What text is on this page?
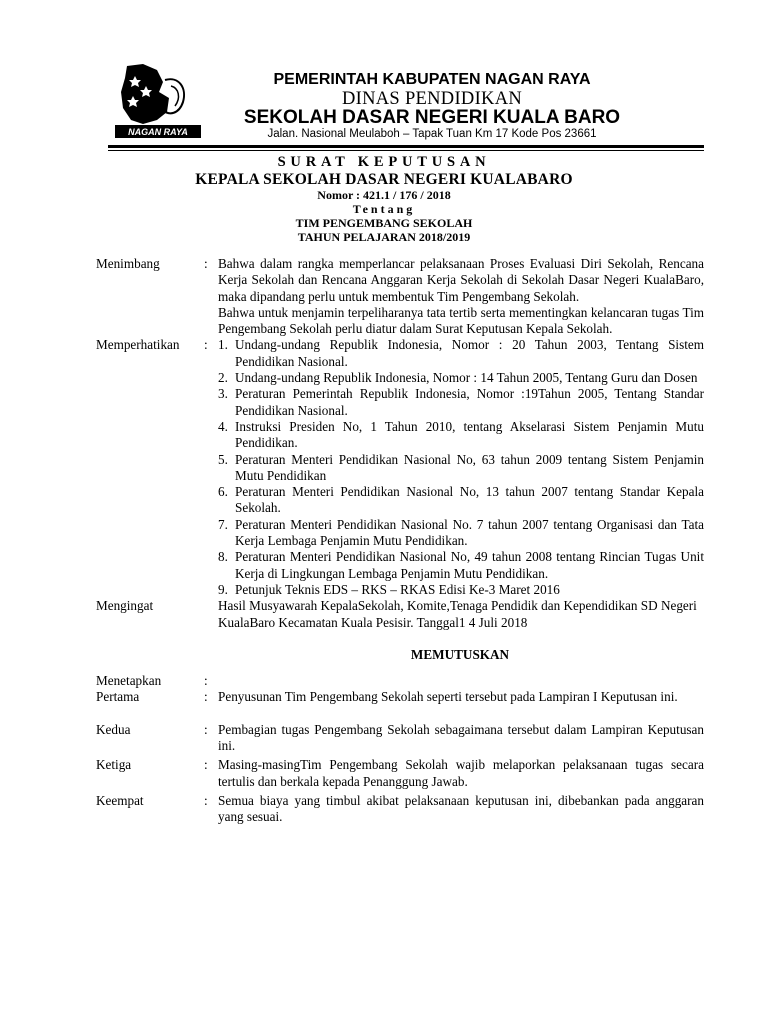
NAGAN RAYA
PEMERINTAH KABUPATEN NAGAN RAYA
DINAS PENDIDIKAN
SEKOLAH DASAR NEGERI KUALA BARO
Jalan. Nasional Meulaboh – Tapak Tuan Km 17 Kode Pos 23661
SURAT KEPUTUSAN
KEPALA SEKOLAH DASAR NEGERI KUALABARO
Nomor : 421.1 / 176 / 2018
Tentang
TIM PENGEMBANG SEKOLAH
TAHUN PELAJARAN 2018/2019
Menimbang	: Bahwa dalam rangka memperlancar pelaksanaan Proses Evaluasi Diri Sekolah, Rencana Kerja Sekolah dan Rencana Anggaran Kerja Sekolah di Sekolah Dasar Negeri KualaBaro, maka dipandang perlu untuk membentuk Tim Pengembang Sekolah.
Bahwa untuk menjamin terpeliharanya tata tertib serta mementingkan kelancaran tugas Tim Pengembang Sekolah perlu diatur dalam Surat Keputusan Kepala Sekolah.
Memperhatikan	: 1. Undang-undang Republik Indonesia, Nomor : 20 Tahun 2003, Tentang Sistem Pendidikan Nasional.
2. Undang-undang Republik Indonesia, Nomor : 14 Tahun 2005, Tentang Guru dan Dosen
3. Peraturan Pemerintah Republik Indonesia, Nomor :19Tahun 2005, Tentang Standar Pendidikan Nasional.
4. Instruksi Presiden No, 1 Tahun 2010, tentang Akselarasi Sistem Penjamin Mutu Pendidikan.
5. Peraturan Menteri Pendidikan Nasional No, 63 tahun 2009 tentang Sistem Penjamin Mutu Pendidikan
6. Peraturan Menteri Pendidikan Nasional No, 13 tahun 2007 tentang Standar Kepala Sekolah.
7. Peraturan Menteri Pendidikan Nasional No. 7 tahun 2007 tentang Organisasi dan Tata Kerja Lembaga Penjamin Mutu Pendidikan.
8. Peraturan Menteri Pendidikan Nasional No, 49 tahun 2008 tentang Rincian Tugas Unit Kerja di Lingkungan Lembaga Penjamin Mutu Pendidikan.
9. Petunjuk Teknis EDS – RKS – RKAS Edisi Ke-3 Maret 2016
Mengingat	Hasil Musyawarah KepalaSekolah, Komite,Tenaga Pendidik dan Kependidikan SD Negeri KualaBaro Kecamatan Kuala Pesisir. Tanggal1 4 Juli 2018
MEMUTUSKAN
Menetapkan	:
Pertama	: Penyusunan Tim Pengembang Sekolah seperti tersebut pada Lampiran I Keputusan ini.
Kedua	: Pembagian tugas Pengembang Sekolah sebagaimana tersebut dalam Lampiran Keputusan ini.
Ketiga	: Masing-masingTim Pengembang Sekolah wajib melaporkan pelaksanaan tugas secara tertulis dan berkala kepada Penanggung Jawab.
Keempat	: Semua biaya yang timbul akibat pelaksanaan keputusan ini, dibebankan pada anggaran yang sesuai.
